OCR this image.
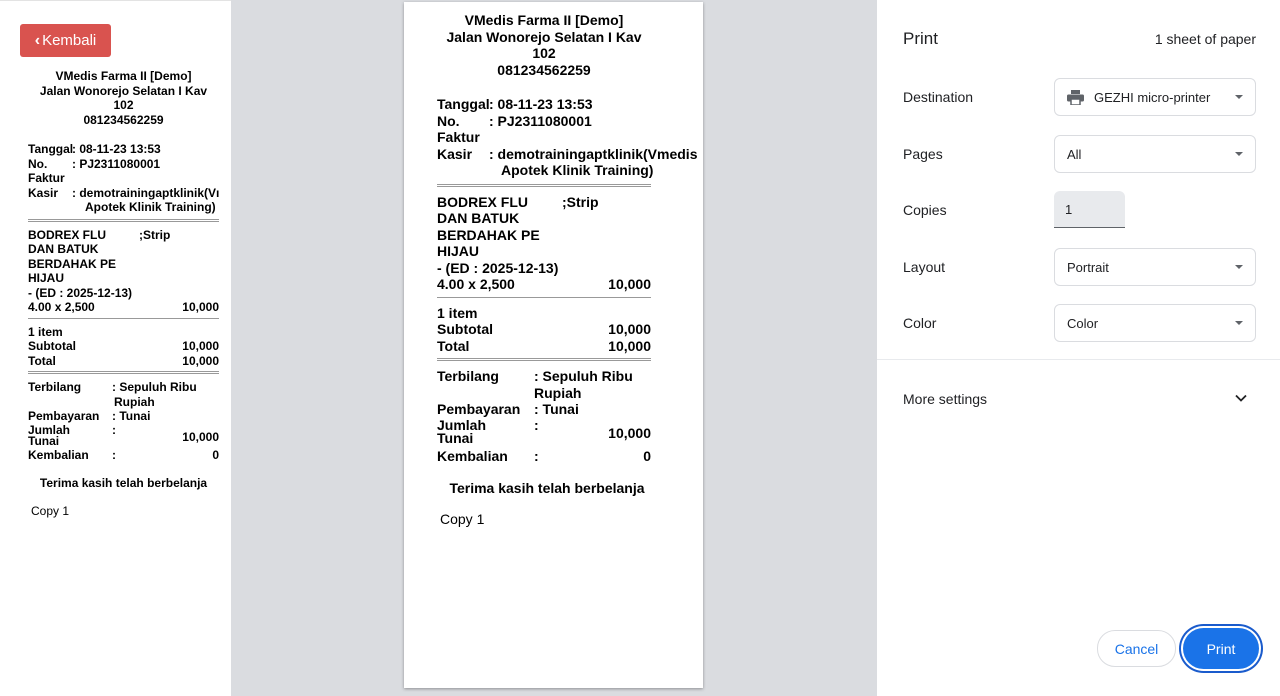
‹ Kembali
VMedis Farma II [Demo]
Jalan Wonorejo Selatan I Kav
102
081234562259
Tanggal
: 08-11-23 13:53
No.	: PJ2311080001
Faktur
Kasir	: demotrainingaptklinik(Vı
Apotek Klinik Training)
BODREX FLU	;Strip
DAN BATUK
BERDAHAK PE
HIJAU
- (ED : 2025-12-13)
4.00 x 2,500	10,000
1 item
Subtotal	10,000
Total	10,000
Terbilang	: Sepuluh Ribu
Rupiah
Pembayaran	: Tunai
Jumlah	:
Tunai	10,000
Kembalian	:	0
Terima kasih telah berbelanja
Copy 1
VMedis Farma II [Demo]
Jalan Wonorejo Selatan I Kav
102
081234562259
Tanggal : 08-11-23 13:53
No.	: PJ2311080001
Faktur
Kasir	: demotrainingaptklinik(Vmedis
Apotek Klinik Training)
BODREX FLU	;Strip
DAN BATUK
BERDAHAK PE
HIJAU
- (ED : 2025-12-13)
4.00 x 2,500	10,000
1 item
Subtotal	10,000
Total	10,000
Terbilang	: Sepuluh Ribu
Rupiah
Pembayaran : Tunai
Jumlah	:
Tunai	10,000
Kembalian	:	0
Terima kasih telah berbelanja
Copy 1
Print	1 sheet of paper
Destination	GEZHI micro-printer
Pages	All
Copies	1
Layout	Portrait
Color	Color
More settings
Cancel	Print
